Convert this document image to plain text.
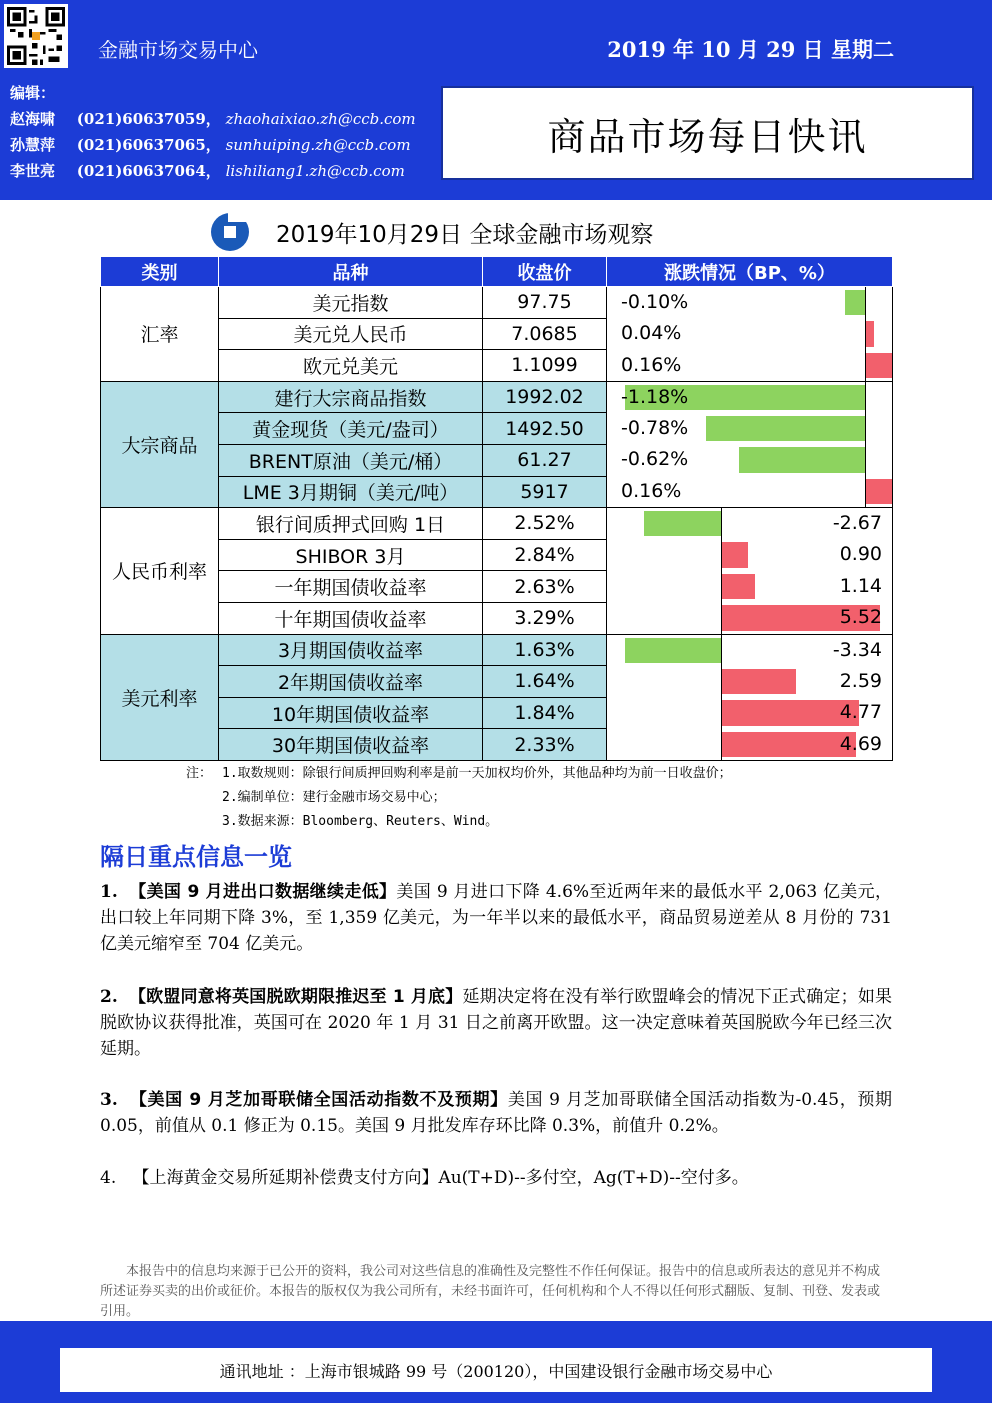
金融市场交易中心	2019 年 10 月 29 日 星期二
编辑：
赵海啸 (021)60637059， zhaohaixiao.zh@ccb.com
孙慧萍 (021)60637065， sunhuiping.zh@ccb.com
李世亮 (021)60637064， lishiliang1.zh@ccb.com
商品市场每日快讯
2019年10月29日 全球金融市场观察
类别	品种	收盘价	涨跌情况（BP、%）
汇率	美元指数	97.75	-0.10%

	美元兑人民币	7.0685	0.04%

	欧元兑美元	1.1099	0.16%

大宗商品	建行大宗商品指数	1992.02	-1.18%

	黄金现货（美元/盎司）	1492.50	-0.78%

	BRENT原油（美元/桶）	61.27	-0.62%

	LME 3月期铜（美元/吨）	5917	0.16%

人民币利率	银行间质押式回购 1日	2.52%	-2.67

	SHIBOR 3月	2.84%	0.90

	一年期国债收益率	2.63%	1.14

	十年期国债收益率	3.29%	5.52

美元利率	3月期国债收益率	1.63%	-3.34

	2年期国债收益率	1.64%	2.59

	10年期国债收益率	1.84%	4.77

	30年期国债收益率	2.33%	4.69
注： 1.取数规则：除银行间质押回购利率是前一天加权均价外，其他品种均为前一日收盘价；
2.编制单位：建行金融市场交易中心；
3.数据来源：Bloomberg、Reuters、Wind。
隔日重点信息一览
1. 【美国 9 月进出口数据继续走低】美国 9 月进口下降 4.6%至近两年来的最低水平 2,063 亿美元，出口较上年同期下降 3%，至 1,359 亿美元，为一年半以来的最低水平，商品贸易逆差从 8 月份的 731 亿美元缩窄至 704 亿美元。
2. 【欧盟同意将英国脱欧期限推迟至 1 月底】延期决定将在没有举行欧盟峰会的情况下正式确定；如果脱欧协议获得批准，英国可在 2020 年 1 月 31 日之前离开欧盟。这一决定意味着英国脱欧今年已经三次延期。
3. 【美国 9 月芝加哥联储全国活动指数不及预期】美国 9 月芝加哥联储全国活动指数为-0.45，预期 0.05，前值从 0.1 修正为 0.15。美国 9 月批发库存环比降 0.3%，前值升 0.2%。
4. 【上海黄金交易所延期补偿费支付方向】Au(T+D)--多付空，Ag(T+D)--空付多。
本报告中的信息均来源于已公开的资料，我公司对这些信息的准确性及完整性不作任何保证。报告中的信息或所表达的意见并不构成所述证券买卖的出价或征价。本报告的版权仅为我公司所有，未经书面许可，任何机构和个人不得以任何形式翻版、复制、刊登、发表或引用。
通讯地址 ：上海市银城路 99 号（200120），中国建设银行金融市场交易中心
